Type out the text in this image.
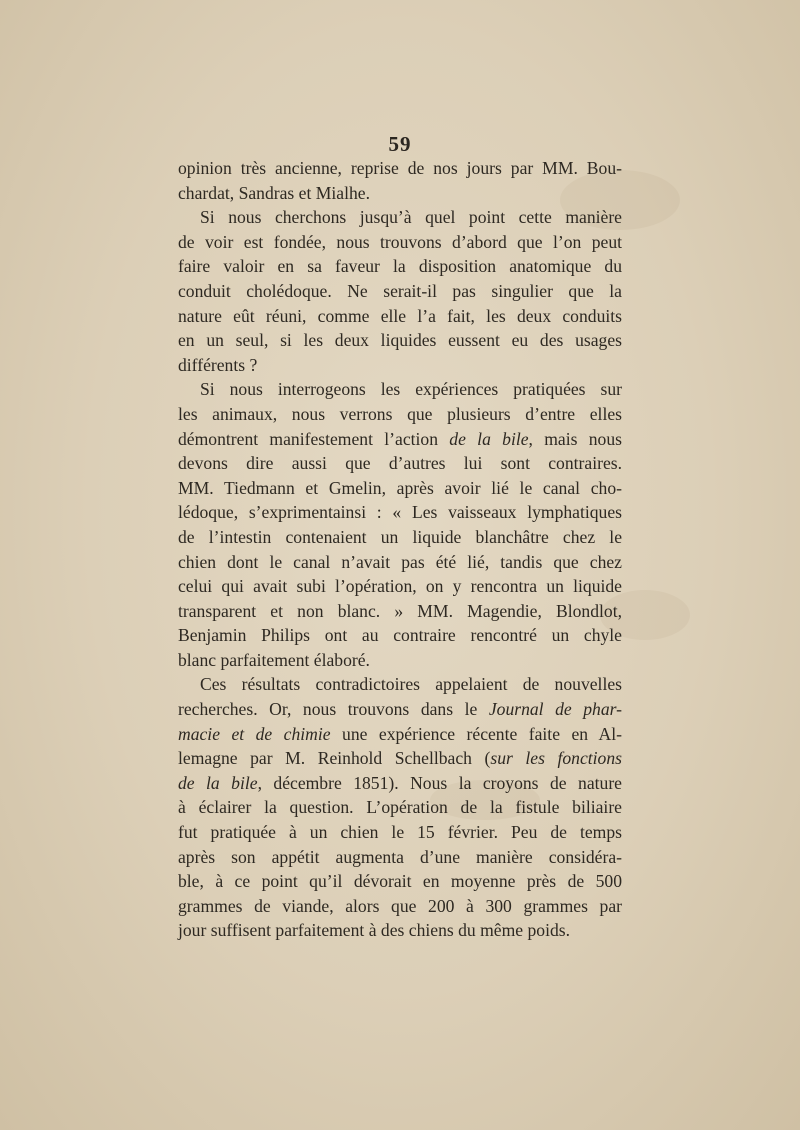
59
opinion très ancienne, reprise de nos jours par MM. Bou-
chardat, Sandras et Mialhe.
Si nous cherchons jusqu’à quel point cette manière
de voir est fondée, nous trouvons d’abord que l’on peut
faire valoir en sa faveur la disposition anatomique du
conduit cholédoque. Ne serait-il pas singulier que la
nature eût réuni, comme elle l’a fait, les deux conduits
en un seul, si les deux liquides eussent eu des usages
différents ?
Si nous interrogeons les expériences pratiquées sur
les animaux, nous verrons que plusieurs d’entre elles
démontrent manifestement l’action de la bile, mais nous
devons dire aussi que d’autres lui sont contraires.
MM. Tiedmann et Gmelin, après avoir lié le canal cho-
lédoque, s’exprimentainsi : « Les vaisseaux lymphatiques
de l’intestin contenaient un liquide blanchâtre chez le
chien dont le canal n’avait pas été lié, tandis que chez
celui qui avait subi l’opération, on y rencontra un liquide
transparent et non blanc. » MM. Magendie, Blondlot,
Benjamin Philips ont au contraire rencontré un chyle
blanc parfaitement élaboré.
Ces résultats contradictoires appelaient de nouvelles
recherches. Or, nous trouvons dans le Journal de phar-
macie et de chimie une expérience récente faite en Al-
lemagne par M. Reinhold Schellbach (sur les fonctions
de la bile, décembre 1851). Nous la croyons de nature
à éclairer la question. L’opération de la fistule biliaire
fut pratiquée à un chien le 15 février. Peu de temps
après son appétit augmenta d’une manière considéra-
ble, à ce point qu’il dévorait en moyenne près de 500
grammes de viande, alors que 200 à 300 grammes par
jour suffisent parfaitement à des chiens du même poids.
